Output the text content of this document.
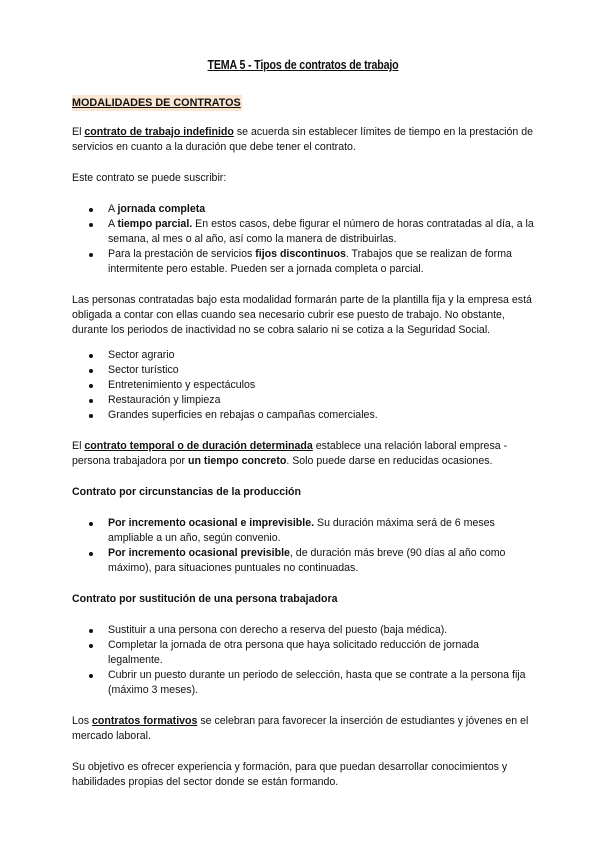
TEMA 5 - Tipos de contratos de trabajo
MODALIDADES DE CONTRATOS

El contrato de trabajo indefinido se acuerda sin establecer límites de tiempo en la prestación de servicios en cuanto a la duración que debe tener el contrato.

Este contrato se puede suscribir:

A jornada completa
A tiempo parcial. En estos casos, debe figurar el número de horas contratadas al día, a la semana, al mes o al año, así como la manera de distribuirlas.
Para la prestación de servicios fijos discontinuos. Trabajos que se realizan de forma intermitente pero estable. Pueden ser a jornada completa o parcial.

Las personas contratadas bajo esta modalidad formarán parte de la plantilla fija y la empresa está obligada a contar con ellas cuando sea necesario cubrir ese puesto de trabajo. No obstante, durante los periodos de inactividad no se cobra salario ni se cotiza a la Seguridad Social.

Sector agrario
Sector turístico
Entretenimiento y espectáculos
Restauración y limpieza
Grandes superficies en rebajas o campañas comerciales.

El contrato temporal o de duración determinada establece una relación laboral empresa - persona trabajadora por un tiempo concreto. Solo puede darse en reducidas ocasiones.

Contrato por circunstancias de la producción

Por incremento ocasional e imprevisible. Su duración máxima será de 6 meses ampliable a un año, según convenio.
Por incremento ocasional previsible, de duración más breve (90 días al año como máximo), para situaciones puntuales no continuadas.

Contrato por sustitución de una persona trabajadora

Sustituir a una persona con derecho a reserva del puesto (baja médica).
Completar la jornada de otra persona que haya solicitado reducción de jornada legalmente.
Cubrir un puesto durante un periodo de selección, hasta que se contrate a la persona fija (máximo 3 meses).

Los contratos formativos se celebran para favorecer la inserción de estudiantes y jóvenes en el mercado laboral.

Su objetivo es ofrecer experiencia y formación, para que puedan desarrollar conocimientos y habilidades propias del sector donde se están formando.
